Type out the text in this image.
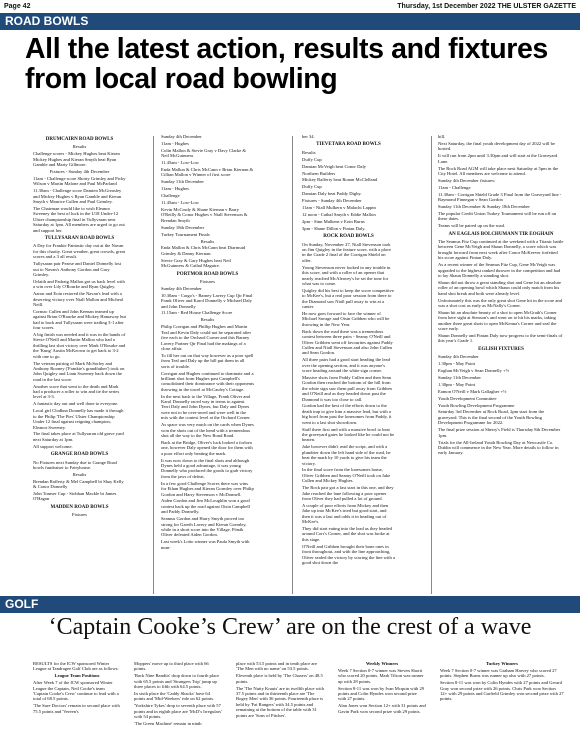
Page 42	Thursday, 1st December 2022 THE ULSTER GAZETTE
ROAD BOWLS
All the latest action, results and fixtures from local road bowling

DRUMCAIRN ROAD BOWLS

Results

Challenge scores - Mickey Hughes beat Kieran Mickey Hughes and Kieran Smyth beat Ryan Gamble and Marty Gillmore.

Fixtures - Sunday 4th December

11am - Challenge score Shorty Grimley and Picky Wilson v Martin Malone and Paul McParland

11.30am - Challenge score Damien McGreasley and Mickey Hughes v Ryan Gamble and Kieran Smyth v Maurice Cullen and Paul Grimley.

The Chairman would like to wish Eleanor Sweeney the best of luck in the U18 Under-12 Ulster championship final in Tullyvaran next Saturday at 1pm. All members are urged to go out and support her.

TULLYSARAN ROAD BOWLS

A Day for Frankie Fantastic day out at the Navan for this charity. Great weather, great crowds, great scores and a 3 all result.

Tullysaran pair Pearse and Daniel Donnelly lost out to Navan's Anthony Gordon and Gary Grimley.

Orlaith and Padraig Mallon got us back level with a win over Lily O'Rourke and Ryan Quigley.

Aaron and Eoin restored the Navan's lead with a deserving victory over Niall Mallon and Micheal Neill.

Cormac Cullen and John Keenan teamed up against Brian O'Rourke and Mickey Hamaway but had to back and Tullysaran were trailing 3-1 after four scores.

A big finish was needed and it was in the hands of Stevie O'Neill and Martin Mallon who had a thrilling last shot victory over Mark O'Rourke and the 'Kung' Austin McKeown to get back to 3-2 with one to go.

The veteran pairing of Mark McSorley and Anthony Rooney ('Frankie's grandfather') took on John Quigley and Liam Sweeney back down the road in the last score.

Another score that went to the death and Mark had a producer a roller to win and tie the series level at 3-3.

A fantastic day out and well done to everyone.

Local girl Clodhna Donnelly has made it through to the Philip 'The Pies' Ulster Championship Under 12 final against reigning champion, Eleanor Sweeney.

The final takes place at Tullysaran old grave yard next Saturday at 1pm.

All support welcome.

GRANGE ROAD BOWLS

No Fixtures next Sunday due to Grange Road bowls fundraiser to Fairyhouse.

Results

Brendan Rafferty & Mel Campbell bt Shay Kelly & Conor Donnelly

John Transer Cup - Siobhan Mackle bt James O'Hagan

MADDEN ROAD BOWLS

Fixtures

Sunday 4th December

11am - Hughes

Colin Mallon & Stevie Gray v Davy Clarke & Neil McGuinness

11.45am - Low-Low

Enda Mallon & Chris McCann v Brian Kiernan & Cillian Mallon v Winner of first score

Sunday 11th December

11am - Hughes

Challenge

11.45am - Low-Low

Kevin McCrudy & Shane Kiernan v Barry O'Reilly & Conor Hughes v Niall Stevenson & Brendan Smyth

Sunday 18th December

Turkey Tournament Finals

Results

Enda Mallon & Chris McCann beat Diarmuid Grimley & Danny Kiernan.

Stevie Gray & Gary Hughes beat Neil McGuinness & Cathal Maguire.

PORTMOR ROAD BOWLS

Fixtures

Sunday 4th December

10.30am - Cargo's - Barney Lavery Cup Qtr Final Frank Oliver and Karol Donnelly v Michael Daly and John Donnelly

11.15am - Red House Challenge Score

Results

Philip Corrigan and Phillip Hughes and Martin Teal and Kevin Daly could not be separated after five each to the Orchard Corner and this Barney Lavery Partner Qtr Final had the makings of a close affair.

To fill her out on that way however as a poor spell from Teal and Daly up the hill put them in all sorts of trouble.

Corrigan and Hughes continued to dominate and a brilliant shot from Hughes past Campbell's consolidated their dominance with their opponents throwing in the towel at McCauley's Cottage.

In the next back to the Village, Frank Oliver and Karol Donnelly raced way in terms to against Terri Daly and John Dynes, but Daly and Dynes were not to be over-awed and were well in the mix with the contest level at the Orchard Corner.

As space was very much on the cards when Dynes won the shots out of the bend with a tremendous shot all the way to the New Bond Road.

Back at the Bridge, Oliver's luck looked a forlorn one, however Daly opened the door for them with a poor effort only beating the mark.

It was now down to the final shots and although Dynes held a good advantage, it was young Donnelly who produced the goods to grab victory from the jaws of defeat.

In a few good Challenge Scores there was wins for Ethan Hughes and Kieran Gormley over Philip Gordon and Harry Stevenson v McDonnell.

Aiden Gordon and Jim McLoughlin won a good contest back up the road against Oisin Campbell and Paddy Donnelly.

Seamus Gordon and Harry Smyth proved too strong for Gareth Lavery and Kieran Gormley, while in a short score into the Village, Pónák Oliver defeated Aiden Gordon.

Last week's Lotto winner was Paula Smyth with num-

ber 34.

TIEVETARA ROAD BOWLS

Results

Duffy Cup

Damian McVeigh beat Conor Daly

Northern Builders

Mickey Rafferty beat Ronan McClelland

Duffy Cup

Damian Daly beat Paddy Digby.

Fixtures - Sunday 4th December

11am - Niall Mulkern v Malachi Lappin

12 noon - Cathal Smyth v Eddie Mallon

2pm - Sinn Mulkern v Eoin Burns

3pm - Shane Dillon v Fintan Daly.

ROCK ROAD BOWLS

On Sunday, November 27, Niall Stevenson took on Jim Quigley in the feature score, with a place in the Grade 2 final of the Corrigan Shield on offer.

Young Stevenson never looked in any trouble in this score, and with a roller of an opener that nearly reached McAleavey's he set the tone for what was to come.

Quigley did his best to keep the score competitive to McKee's, but a real poor session from there to the Diamond saw Niall pull away to win at a canter.

He now goes forward to face the winner of Michael Savage and Oisin Gribben who will be throwing in the New Year.

Back down the road there was a tremendous contest between three pairs - Seamy O'Neill and Oliver Gribben went off favourites against Paddy Cullen and Niall Stevenson and also John Cullen and Sean Gordon.

All three pairs had a good start heading the lead over the opening section, and it was anyone's score heading around the white sign corner.

Massive shots from Paddy Cullen and then Sean Gordon then reached the bottom of the hill from the white sign saw them pull away from Gribben and O'Neill and as they headed down past the Diamond it was too close to call.

Gordon had the best of the efforts down to the death trap to give him a massive lead, but with a big bowl from past the lonesomes from Paddy, it went to a last shot showdown.

Staff there first and with a massive bowl to beat the graveyard gates he looked like he could not be beaten.

Jake however didn't read the script, and with a plundrier down the left hand side of the road, he beat the mark by 10 yards to give his team the victory.

In the final score from the lonesomes home, Oliver Gribben and Seamy O'Neill took on Jake Cullen and Mickey Hughes.

The Rock pair got a fast start in this one, and they Jake reached the lane following a poor opener from Oliver they had pulled a lot of ground.

A couple of poor efforts from Mickey and then Jake up into McKee's tried but good start, and then it was a last and odds it in heading out of McKee's.

They did start eating into the lead as they headed around Corr's Corner, and the shot was broke at this stage.

O'Neill and Gribben brought their bone ones in front throughout, and with the line approaching, Oliver sealed the victory by scoring the line with a good shot down the

hill.

Next Saturday, the final youth development day of 2022 will be hosted.

It will run from 2pm until 3.30pm and will start at the Graveyard Lane.

The Rock Road AGM will take place next Saturday at 5pm in the City Hotel. All members are welcome to attend.

Sunday 4th December fixtures:

11am - Challenge

11.30am - Corrigan Shield Grade 3 Final from the Graveyard line - Raymond Finnegan v Sean Gordon

Sunday 11th December & Sunday 18th December

The popular Credit Union Turkey Tournament will be run off on these dates.

Teams will be paired up on the road.

AN EAGLAIS BOLCHUMANN TIR EOGHAIN

The Seamus Fitz Cup continued at the weekend with a Titanic battle between Gene McVeigh and Shaun Donnelly, a score which was brought forward from next week after Conor McKeever forfeited his score against Fintan Daly.

As a recent winner of the Seamus Fitz Cup, Gene McVeigh was upgraded to the highest ranked thrower in the competition and had to lay Shaun Donnelly a standing shot.

Shaun did not throw a great standing shot and Gene hit an absolute roller of an opening bowl which Shaun could only match from his hand shot break and both were already level.

Unfortunately this was the only great shot Gene hit in the score and was a shot cost as early as McNally's Corner.

Shaun hit an absolute beauty of a shot to open McGrath's Corner from here sight at Stenson's and went on to hit his marks, taking another three great shots to open McKenna's Corner and seal the score early.

Shaun Donnelly and Fintan Daly now progress to the semi-finals of this year's Grade 1.

EGLISH FIXTURES

Sunday 4th December

1.30pm - May Point

Eoghan McVeigh v Sean Donnelly +½

Sunday 11th December

1.30pm - May Point

Eamon O'Neill v Mark Gallagher +½

Youth Development Committee

Youth Bowling Development Programme

Saturday 3rd December at Rock Road, 2pm start from the graveyard. This is the final second of the Youth Bowling Development Programme for 2022.

The final prize session at Sherry's Field is Thursday 8th December 1pm.

Trials for the All-Ireland Youth Bowling Day at Newcastle Co. Dublin will commence in the New Year. More details to follow in early January.

GOLF
‘Captain Cooke’s Crew’ are on the crest of a wave

RESULTS for the ICW sponsored Winter League at Tandragee Golf Club are as follows:

League Team Positions

After Week 7 of the ICW sponsored Winter League the Captain, Neil Cooke's team 'Captain Cooke's Crew' continue to lead with a total of 68.5 points.

'The Sure Doctors' remain in second place with 75.5 points and 'Vereen's

Moppers' move up to third place with 66 points.

'Back Nine Bandits' drop down to fourth place with 65.5 points and 'Strangers Trip' jump up three places to fifth with 64.5 points.

In sixth place the 'Caddy Shacks' have 64 points and 'Mid-Weekers' ride on 62 points.

'Yorkshire Tykes' drop to seventh place with 57 points and in eighth place are 'McD's Irregulars' with 54 points.

'The Green Machine' remain in ninth

place with 53.5 points and in tenth place are 'The Men with no name' on 53.5 points.

Eleventh place is held by 'The Chasers' on 48.5 points.

The 'The Nutty Krauts' are in twelfth place with 37.5 points and in thirteenth place are 'The Bogey Men' with 36 points. Fourteenth place is held by 'Fat Rangers' with 34.5 points and remaining at the bottom of the table with 31 points are 'Sons of Pitches'.

Weekly Winners

Week 7 Section 0-7 winner was Steven Shortt who scored 20 points. Mark Tilson was runner up with 28 points.

Section 8-11 was won by Ivan Mcquin with 29 points and Colin Hyndes won second prize with 27 points.

Alan Jones won Section 12+ with 31 points and Gavin Park won second prize with 29 points.

Turkey Winners

Week 7 Section 0-7 winner was Graham Harvey who scored 27 points. Stephen Burns was runner up also with 27 points.

Section 8-11 was won by Colin Hyndes with 27 points and Gerard Gray won second prize with 26 points. Chris Park won Section 12+ with 29 points and Garfield Grimley won second prize with 27 points.
